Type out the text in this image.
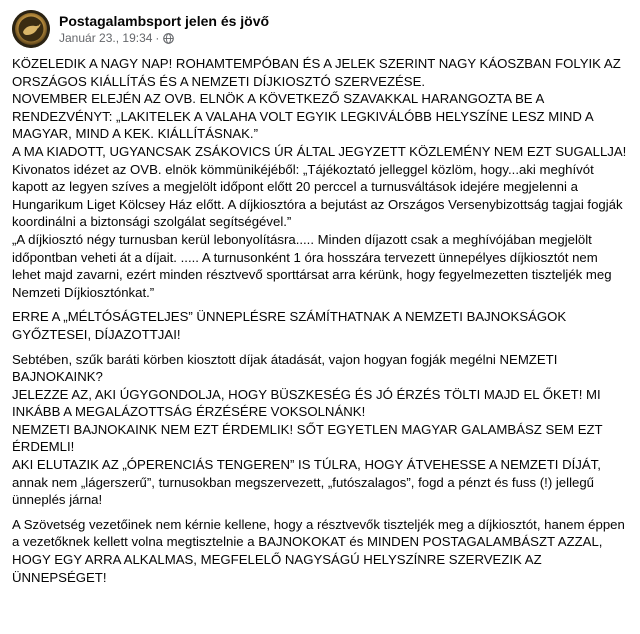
Postagalambsport jelen és jövő
Január 23. , 19:34 ·

KÖZELEDIK A NAGY NAP! ROHAMTEMPÓBAN ÉS A JELEK SZERINT NAGY KÁOSZBAN FOLYIK AZ ORSZÁGOS KIÁLLÍTÁS ÉS A NEMZETI DÍJKIOSZTÓ SZERVEZÉSE.
NOVEMBER ELEJÉN AZ OVB. ELNÖK A KÖVETKEZŐ SZAVAKKAL HARANGOZTA BE A RENDEZVÉNYT: „LAKITELEK A VALAHA VOLT EGYIK LEGKIVÁLÓBB HELYSZÍNE LESZ MIND A MAGYAR, MIND A KEK. KIÁLLÍTÁSNAK.”
A MA KIADOTT, UGYANCSAK ZSÁKOVICS ÚR ÁLTAL JEGYZETT KÖZLEMÉNY NEM EZT SUGALLJA!
Kivonatos idézet az OVB. elnök kömmünikéjéből: „Tájékoztató jelleggel közlöm, hogy...aki meghívót kapott az legyen szíves a megjelölt időpont előtt 20 perccel a turnusváltások idejére megjelenni a Hungarikum Liget Kölcsey Ház előtt. A díjkiosztóra a bejutást az Országos Versenybizottság tagjai fogják koordinálni a biztonsági szolgálat segítségével.”
„A díjkiosztó négy turnusban kerül lebonyolításra..... Minden díjazott csak a meghívójában megjelölt időpontban veheti át a díjait. ..... A turnusonként 1 óra hosszára tervezett ünnepélyes díjkiosztót nem lehet majd zavarni, ezért minden résztvevő sporttársat arra kérünk, hogy fegyelmezetten tiszteljék meg Nemzeti Díjkiosztónkat.”

ERRE A „MÉLTÓSÁGTELJES” ÜNNEPLÉSRE SZÁMÍTHATNAK A NEMZETI BAJNOKSÁGOK GYŐZTESEI, DÍJAZOTTJAI!

Sebtében, szűk baráti körben kiosztott díjak átadását, vajon hogyan fogják megélni NEMZETI BAJNOKAINK?
JELEZZE AZ, AKI ÚGYGONDOLJA, HOGY BÜSZKESÉG ÉS JÓ ÉRZÉS TÖLTI MAJD EL ŐKET! MI INKÁBB A MEGALÁZOTTSÁG ÉRZÉSÉRE VOKSOLNÁNK!
NEMZETI BAJNOKAINK NEM EZT ÉRDEMLIK! SŐT EGYETLEN MAGYAR GALAMBÁSZ SEM EZT ÉRDEMLI!
AKI ELUTAZIK AZ „ÓPERENCIÁS TENGEREN” IS TÚLRA, HOGY ÁTVEHESSE A NEMZETI DÍJÁT, annak nem „lágerszerű”, turnusokban megszervezett, „futószalagos”, fogd a pénzt és fuss (!) jellegű ünneplés járna!

A Szövetség vezetőinek nem kérnie kellene, hogy a résztvevők tiszteljék meg a díjkiosztót, hanem éppen a vezetőknek kellett volna megtisztelnie a BAJNOKOKAT és MINDEN POSTAGALAMBÁSZT AZZAL, HOGY EGY ARRA ALKALMAS, MEGFELELŐ NAGYSÁGÚ HELYSZÍNRE SZERVEZIK AZ ÜNNEPSÉGET!
